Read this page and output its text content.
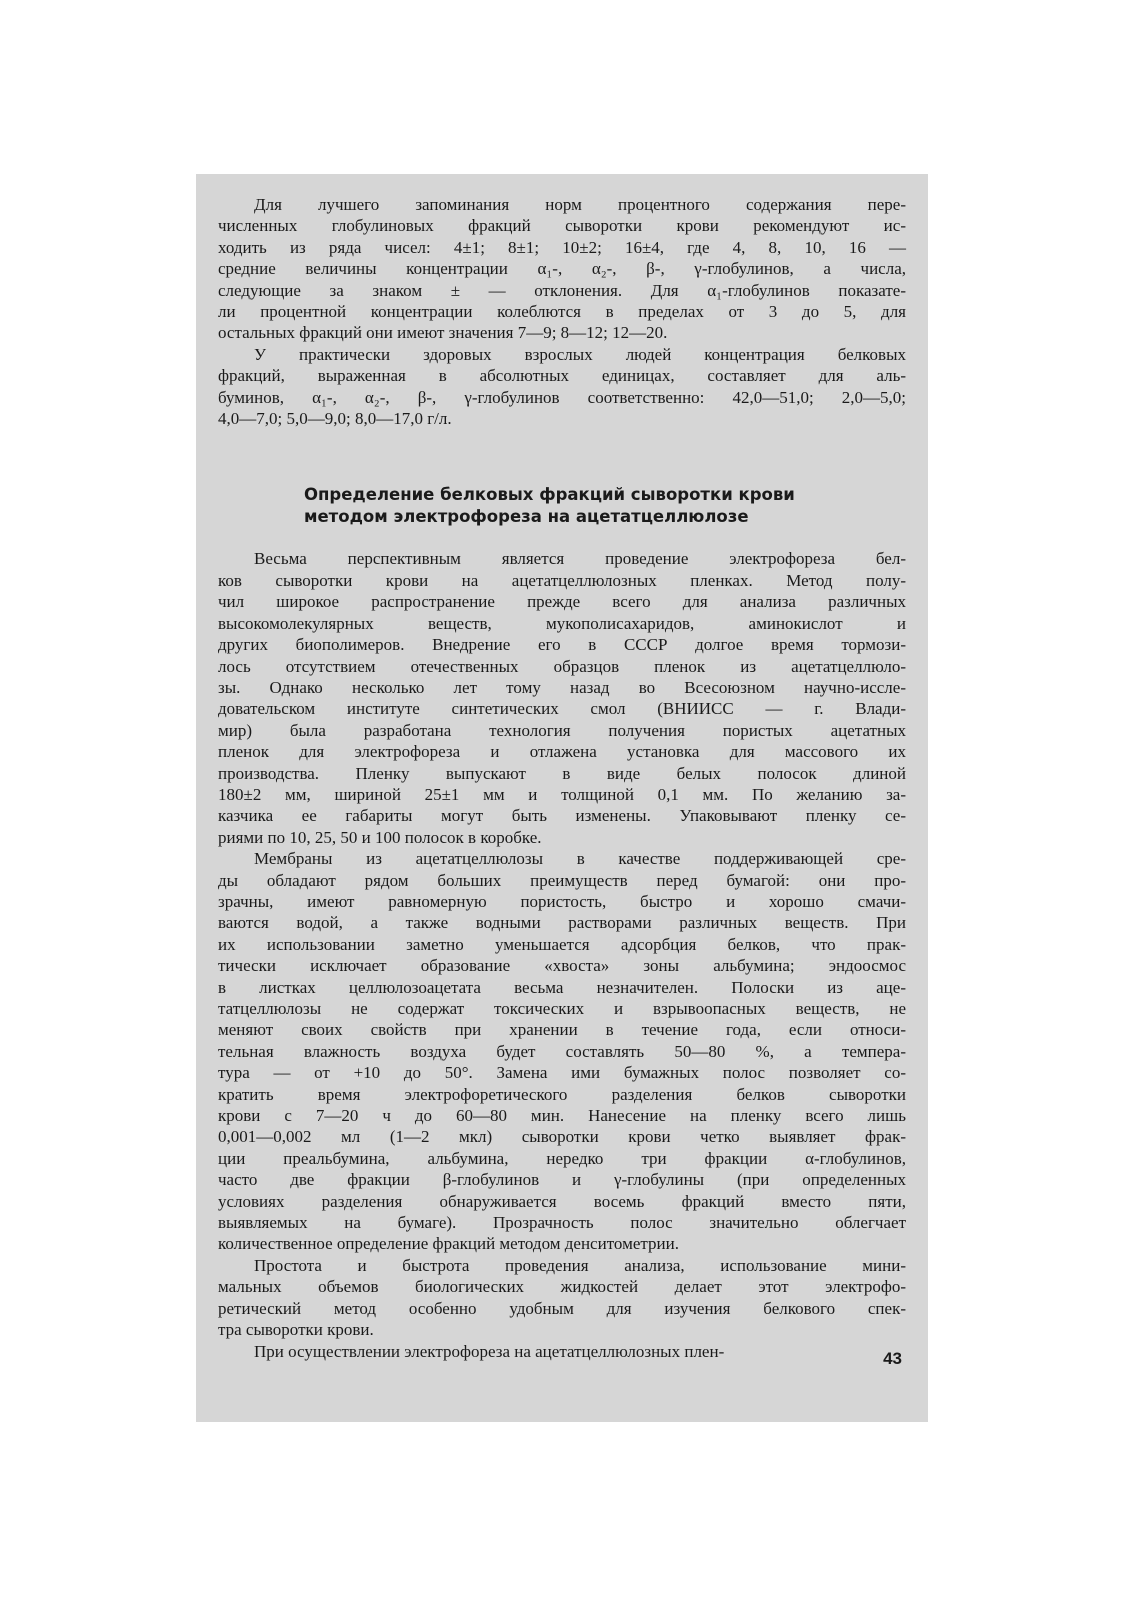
Для лучшего запоминания норм процентного содержания пере-
численных глобулиновых фракций сыворотки крови рекомендуют ис-
ходить из ряда чисел: 4±1; 8±1; 10±2; 16±4, где 4, 8, 10, 16 —
средние величины концентрации α₁-, α₂-, β-, γ-глобулинов, а числа,
следующие за знаком ± — отклонения. Для α₁-глобулинов показате-
ли процентной концентрации колеблются в пределах от 3 до 5, для
остальных фракций они имеют значения 7—9; 8—12; 12—20.

У практически здоровых взрослых людей концентрация белковых
фракций, выраженная в абсолютных единицах, составляет для аль-
буминов, α₁-, α₂-, β-, γ-глобулинов соответственно: 42,0—51,0; 2,0—5,0;
4,0—7,0; 5,0—9,0; 8,0—17,0 г/л.

Определение белковых фракций сыворотки крови
методом электрофореза на ацетатцеллюлозе

Весьма перспективным является проведение электрофореза бел-
ков сыворотки крови на ацетатцеллюлозных пленках. Метод полу-
чил широкое распространение прежде всего для анализа различных
высокомолекулярных веществ, мукополисахаридов, аминокислот и
других биополимеров. Внедрение его в СССР долгое время тормози-
лось отсутствием отечественных образцов пленок из ацетатцеллюло-
зы. Однако несколько лет тому назад во Всесоюзном научно-иссле-
довательском институте синтетических смол (ВНИИСС — г. Влади-
мир) была разработана технология получения пористых ацетатных
пленок для электрофореза и отлажена установка для массового их
производства. Пленку выпускают в виде белых полосок длиной
180±2 мм, шириной 25±1 мм и толщиной 0,1 мм. По желанию за-
казчика ее габариты могут быть изменены. Упаковывают пленку се-
риями по 10, 25, 50 и 100 полосок в коробке.

Мембраны из ацетатцеллюлозы в качестве поддерживающей сре-
ды обладают рядом больших преимуществ перед бумагой: они про-
зрачны, имеют равномерную пористость, быстро и хорошо смачи-
ваются водой, а также водными растворами различных веществ. При
их использовании заметно уменьшается адсорбция белков, что прак-
тически исключает образование «хвоста» зоны альбумина; эндоосмос
в листках целлюлозоацетата весьма незначителен. Полоски из аце-
татцеллюлозы не содержат токсических и взрывоопасных веществ, не
меняют своих свойств при хранении в течение года, если относи-
тельная влажность воздуха будет составлять 50—80 %, а темпера-
тура — от +10 до 50°. Замена ими бумажных полос позволяет со-
кратить время электрофоретического разделения белков сыворотки
крови с 7—20 ч до 60—80 мин. Нанесение на пленку всего лишь
0,001—0,002 мл (1—2 мкл) сыворотки крови четко выявляет фрак-
ции преальбумина, альбумина, нередко три фракции α-глобулинов,
часто две фракции β-глобулинов и γ-глобулины (при определенных
условиях разделения обнаруживается восемь фракций вместо пяти,
выявляемых на бумаге). Прозрачность полос значительно облегчает
количественное определение фракций методом денситометрии.

Простота и быстрота проведения анализа, использование мини-
мальных объемов биологических жидкостей делает этот электрофо-
ретический метод особенно удобным для изучения белкового спек-
тра сыворотки крови.

При осуществлении электрофореза на ацетатцеллюлозных плен-	43
